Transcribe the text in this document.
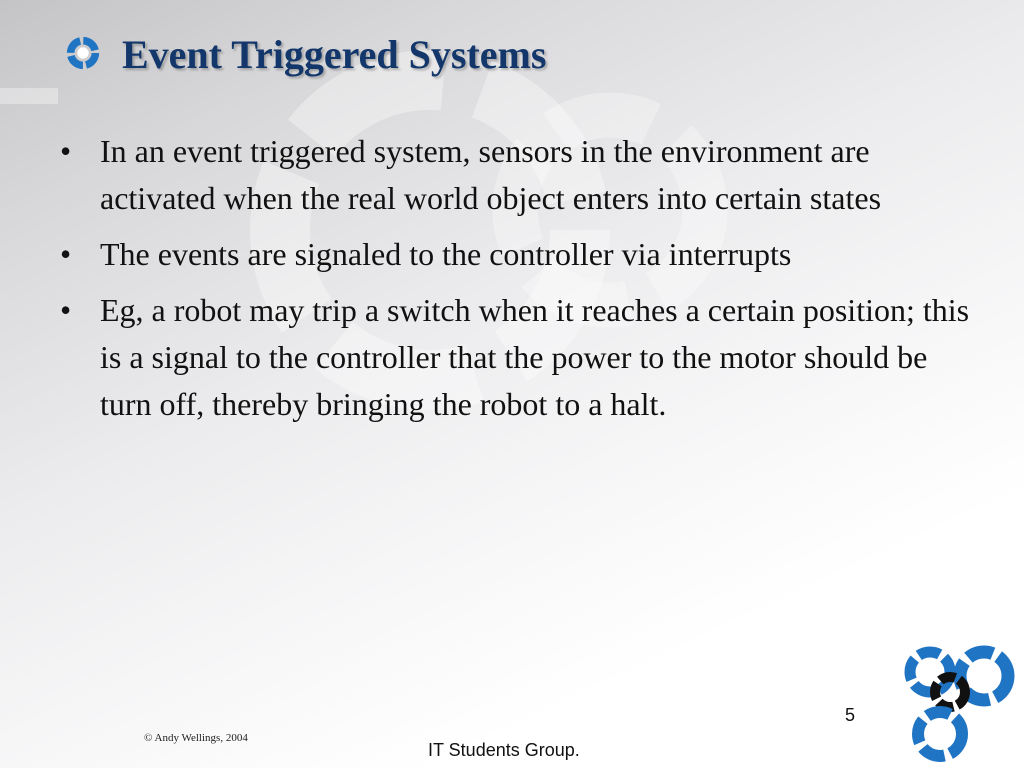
Event Triggered Systems
• In an event triggered system, sensors in the environment are activated when the real world object enters into certain states
• The events are signaled to the controller via interrupts
• Eg, a robot may trip a switch when it reaches a certain position; this is a signal to the controller that the power to the motor should be turn off, thereby bringing the robot to a halt.
5
© Andy Wellings, 2004
IT Students Group.
